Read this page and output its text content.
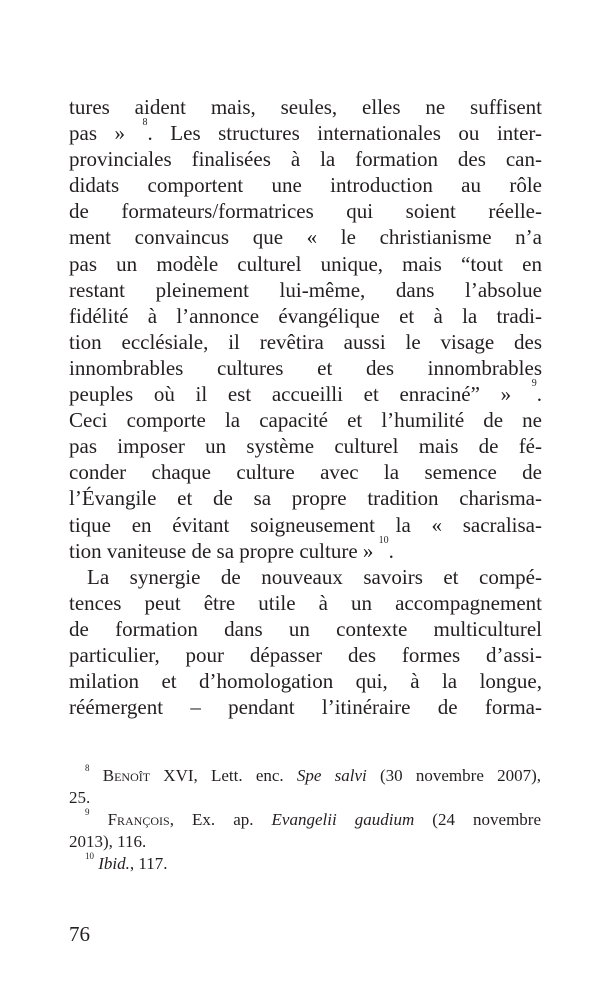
tures aident mais, seules, elles ne suffisent
pas » $^8$. Les structures internationales ou inter-
provinciales finalisées à la formation des can-
didats comportent une introduction au rôle
de formateurs/formatrices qui soient réelle-
ment convaincus que « le christianisme n’a
pas un modèle culturel unique, mais “tout en
restant pleinement lui-même, dans l’absolue
fidélité à l’annonce évangélique et à la tradi-
tion ecclésiale, il revêtira aussi le visage des
innombrables cultures et des innombrables
peuples où il est accueilli et enraciné” » $^9$.
Ceci comporte la capacité et l’humilité de ne
pas imposer un système culturel mais de fé-
conder chaque culture avec la semence de
l’Évangile et de sa propre tradition charisma-
tique en évitant soigneusement la « sacralisa-
tion vaniteuse de sa propre culture » $^{10}$.
La synergie de nouveaux savoirs et compé-
tences peut être utile à un accompagnement
de formation dans un contexte multiculturel
particulier, pour dépasser des formes d’assi-
milation et d’homologation qui, à la longue,
réémergent – pendant l’itinéraire de forma-
$^8$ Benoît XVI, Lett. enc. Spe salvi (30 novembre 2007),
25.
$^9$ François, Ex. ap. Evangelii gaudium (24 novembre
2013), 116.
$^{10}$ Ibid., 117.
76
